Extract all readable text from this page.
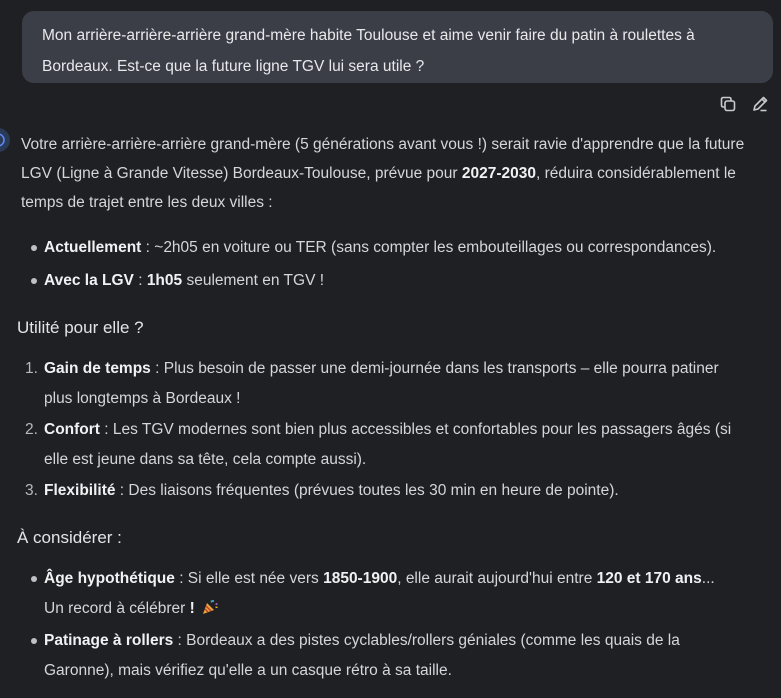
Mon arrière-arrière-arrière grand-mère habite Toulouse et aime venir faire du patin à roulettes à
Bordeaux. Est-ce que la future ligne TGV lui sera utile ?

Votre arrière-arrière-arrière grand-mère (5 générations avant vous !) serait ravie d'apprendre que la future LGV (Ligne à Grande Vitesse) Bordeaux-Toulouse, prévue pour 2027-2030, réduira considérablement le temps de trajet entre les deux villes :

Actuellement : ~2h05 en voiture ou TER (sans compter les embouteillages ou correspondances).
Avec la LGV : 1h05 seulement en TGV !
Utilité pour elle ?
1. Gain de temps : Plus besoin de passer une demi-journée dans les transports – elle pourra patiner plus longtemps à Bordeaux !
2. Confort : Les TGV modernes sont bien plus accessibles et confortables pour les passagers âgés (si elle est jeune dans sa tête, cela compte aussi).
3. Flexibilité : Des liaisons fréquentes (prévues toutes les 30 min en heure de pointe).
À considérer :
Âge hypothétique : Si elle est née vers 1850-1900, elle aurait aujourd'hui entre 120 et 170 ans... Un record à célébrer !
Patinage à rollers : Bordeaux a des pistes cyclables/rollers géniales (comme les quais de la Garonne), mais vérifiez qu'elle a un casque rétro à sa taille.
